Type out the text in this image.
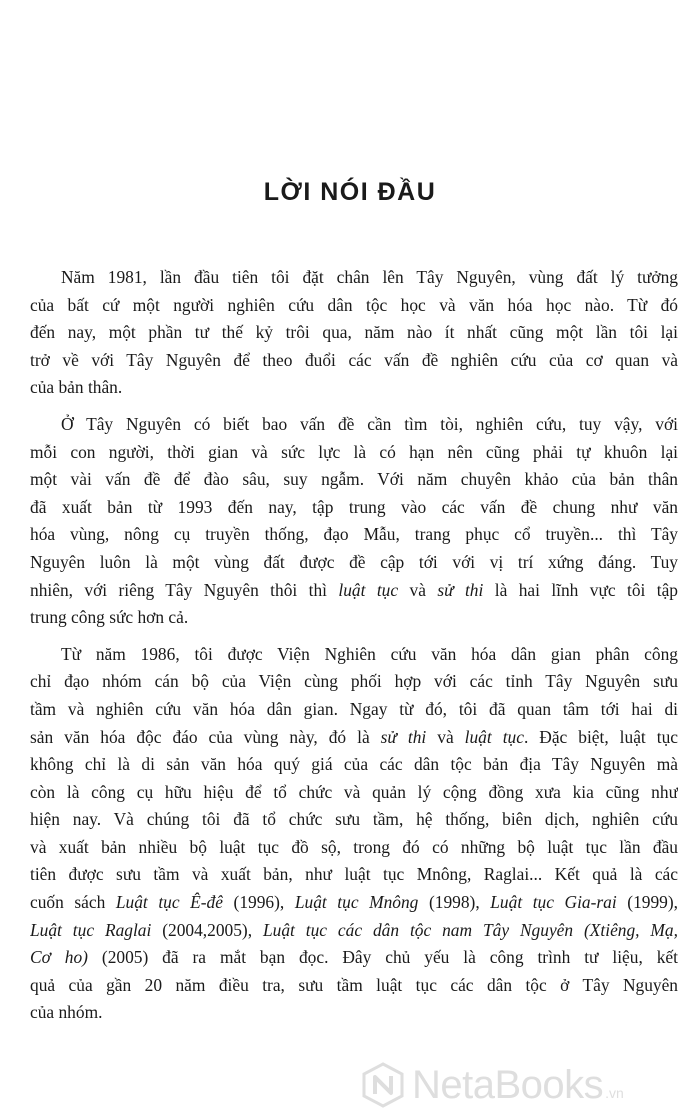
LỜI NÓI ĐẦU
Năm 1981, lần đầu tiên tôi đặt chân lên Tây Nguyên, vùng đất lý tưởng
của bất cứ một người nghiên cứu dân tộc học và văn hóa học nào. Từ đó
đến nay, một phần tư thế kỷ trôi qua, năm nào ít nhất cũng một lần tôi lại
trở về với Tây Nguyên để theo đuổi các vấn đề nghiên cứu của cơ quan và
của bản thân.
Ở Tây Nguyên có biết bao vấn đề cần tìm tòi, nghiên cứu, tuy vậy, với
mỗi con người, thời gian và sức lực là có hạn nên cũng phải tự khuôn lại
một vài vấn đề để đào sâu, suy ngẫm. Với năm chuyên khảo của bản thân
đã xuất bản từ 1993 đến nay, tập trung vào các vấn đề chung như văn
hóa vùng, nông cụ truyền thống, đạo Mẫu, trang phục cổ truyền... thì Tây
Nguyên luôn là một vùng đất được đề cập tới với vị trí xứng đáng. Tuy
nhiên, với riêng Tây Nguyên thôi thì luật tục và sử thi là hai lĩnh vực tôi tập
trung công sức hơn cả.
Từ năm 1986, tôi được Viện Nghiên cứu văn hóa dân gian phân công
chỉ đạo nhóm cán bộ của Viện cùng phối hợp với các tỉnh Tây Nguyên sưu
tầm và nghiên cứu văn hóa dân gian. Ngay từ đó, tôi đã quan tâm tới hai di
sản văn hóa độc đáo của vùng này, đó là sử thi và luật tục. Đặc biệt, luật tục
không chỉ là di sản văn hóa quý giá của các dân tộc bản địa Tây Nguyên mà
còn là công cụ hữu hiệu để tổ chức và quản lý cộng đồng xưa kia cũng như
hiện nay. Và chúng tôi đã tổ chức sưu tầm, hệ thống, biên dịch, nghiên cứu
và xuất bản nhiều bộ luật tục đồ sộ, trong đó có những bộ luật tục lần đầu
tiên được sưu tầm và xuất bản, như luật tục Mnông, Raglai... Kết quả là các
cuốn sách Luật tục Ê-đê (1996), Luật tục Mnông (1998), Luật tục Gia-rai (1999),
Luật tục Raglai (2004,2005), Luật tục các dân tộc nam Tây Nguyên (Xtiêng, Mạ,
Cơ ho) (2005) đã ra mắt bạn đọc. Đây chủ yếu là công trình tư liệu, kết
quả của gần 20 năm điều tra, sưu tầm luật tục các dân tộc ở Tây Nguyên
của nhóm.
NetaBooks .vn
